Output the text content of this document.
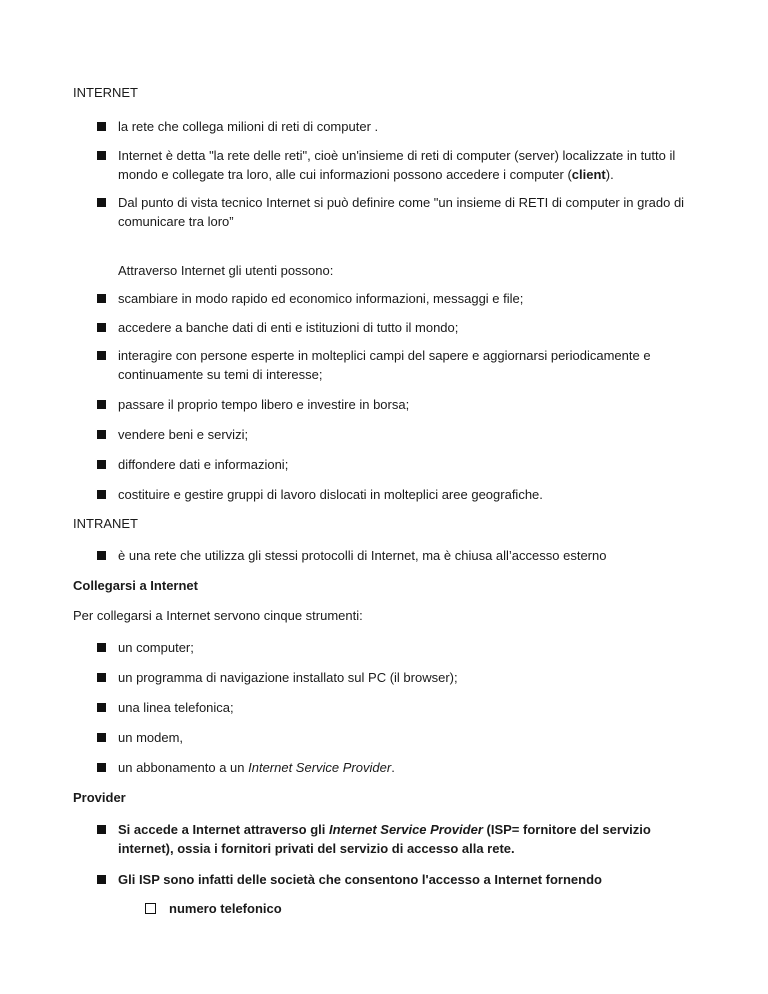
INTERNET
la rete che collega milioni di reti di computer .
Internet è detta "la rete delle reti", cioè un'insieme di reti di computer (server) localizzate in tutto il mondo e collegate tra loro, alle cui informazioni possono accedere i computer (client).
Dal punto di vista tecnico Internet si può definire come "un insieme di RETI di computer in grado di comunicare tra loro”
Attraverso Internet gli utenti possono:
scambiare in modo rapido ed economico informazioni, messaggi e file;
accedere a banche dati di enti e istituzioni di tutto il mondo;
interagire con persone esperte in molteplici campi del sapere e aggiornarsi periodicamente e continuamente su temi di interesse;
passare il proprio tempo libero e investire in borsa;
vendere beni e servizi;
diffondere dati e informazioni;
costituire e gestire gruppi di lavoro dislocati in molteplici aree geografiche.
INTRANET
è una rete che utilizza gli stessi protocolli di Internet, ma è chiusa all’accesso esterno
Collegarsi a Internet
Per collegarsi a Internet servono cinque strumenti:
un computer;
un programma di navigazione installato sul PC (il browser);
una linea telefonica;
un modem,
un abbonamento a un Internet Service Provider.
Provider
Si accede a Internet attraverso gli Internet Service Provider (ISP= fornitore del servizio internet), ossia i fornitori privati del servizio di accesso alla rete.
Gli ISP sono infatti delle società che consentono l'accesso a Internet fornendo
numero telefonico
